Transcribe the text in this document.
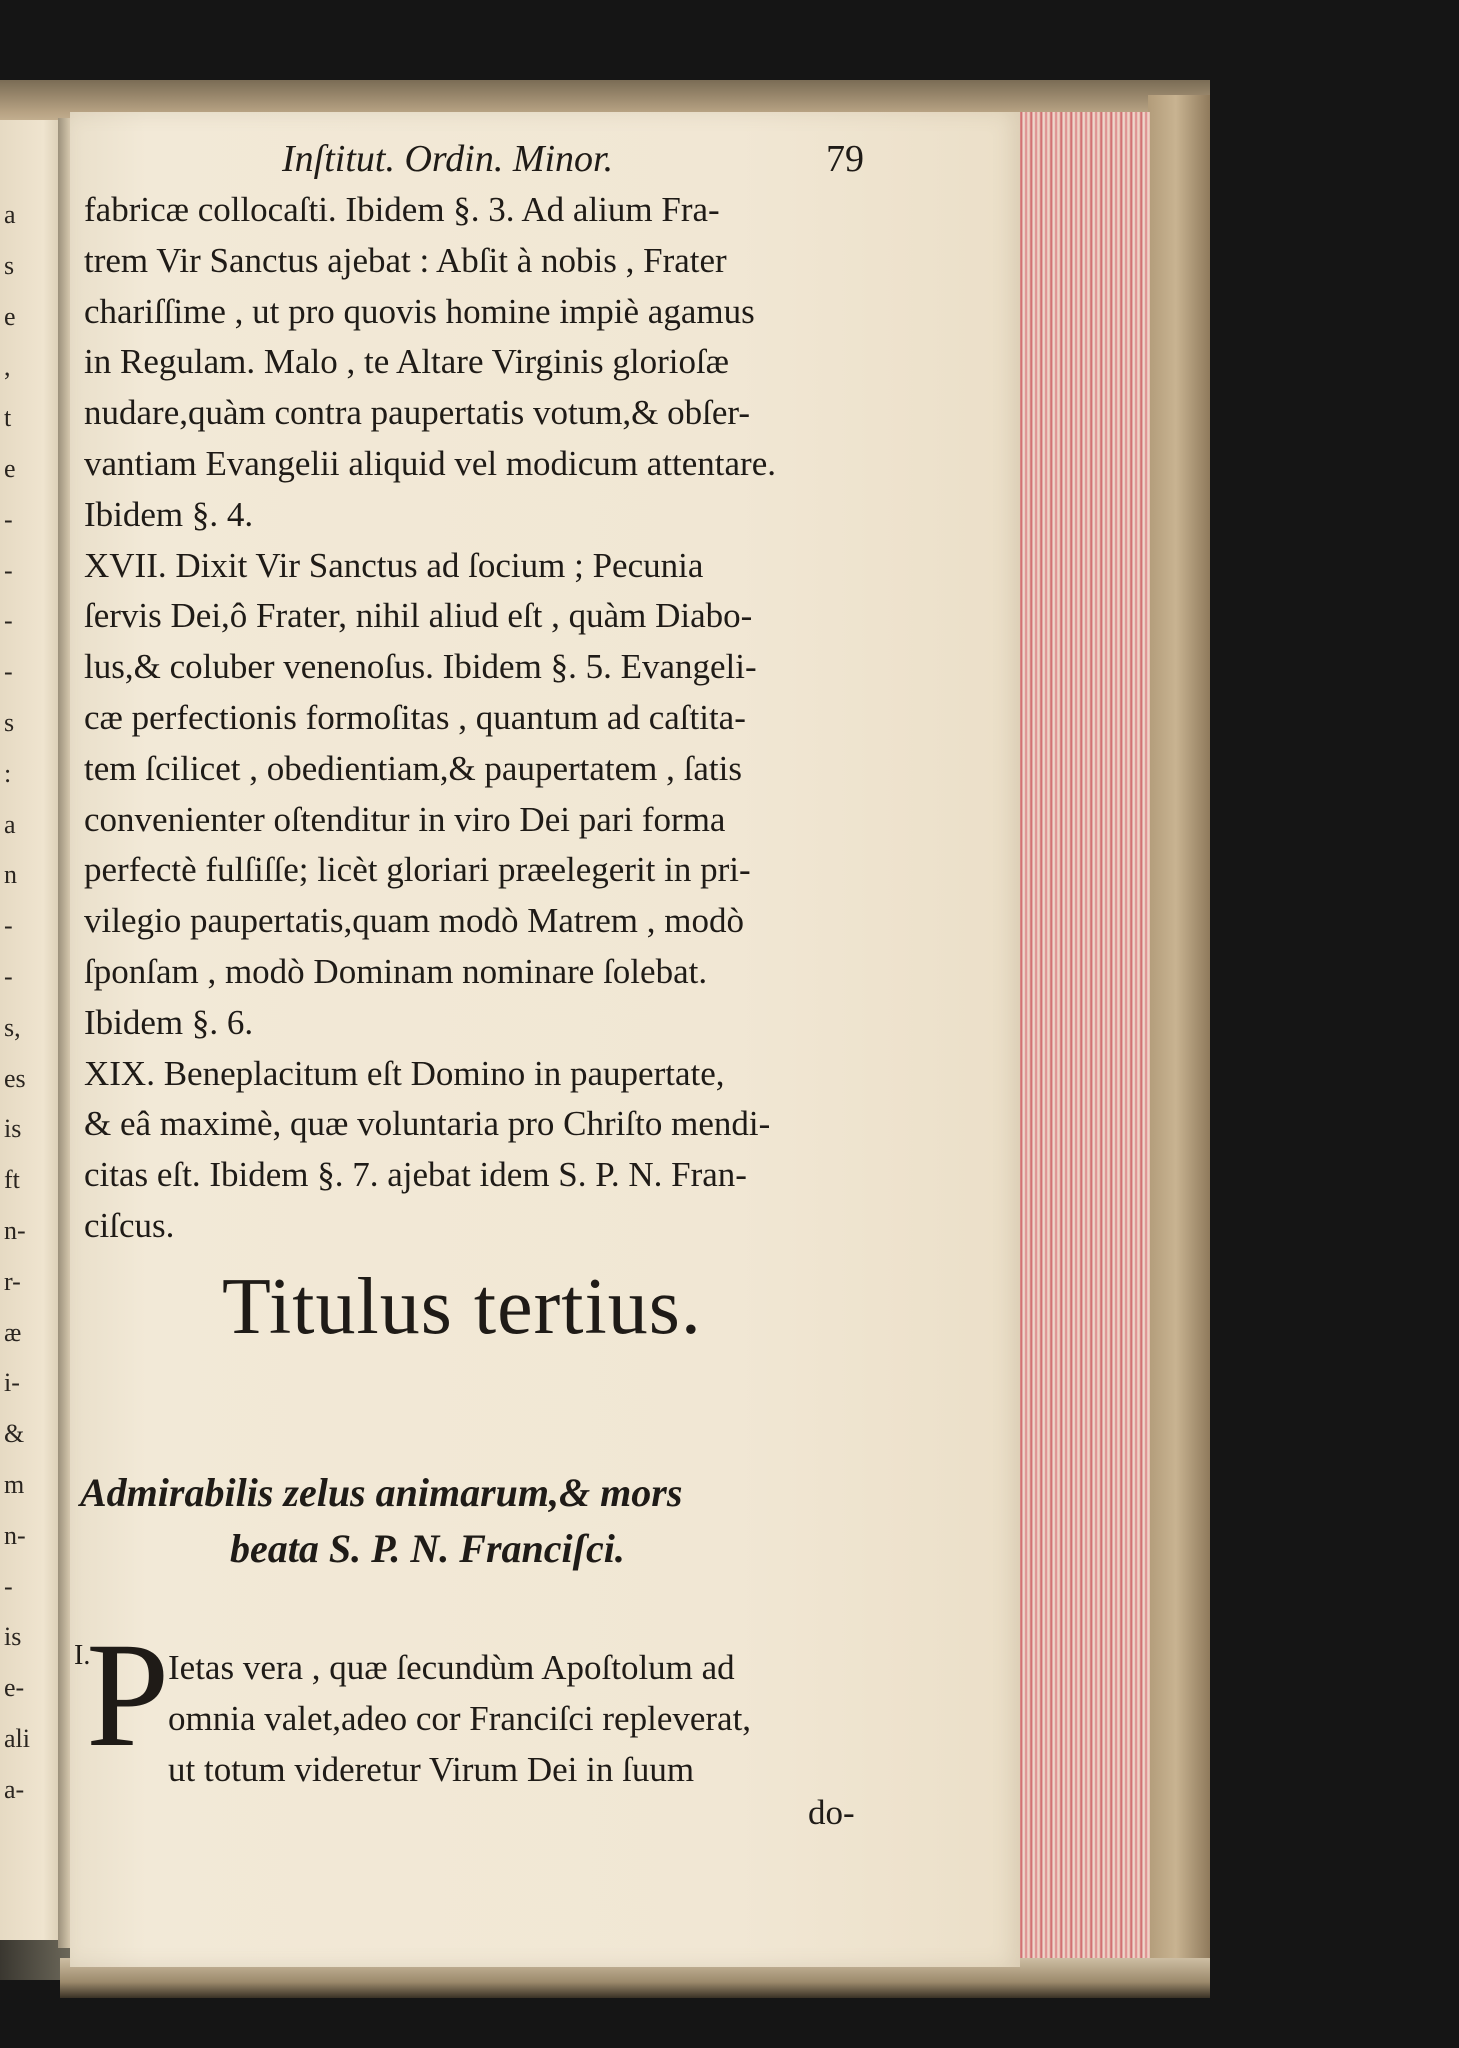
a
s
e
,
t
e
-
-
-
-
s
:
a
n
-
-
s,
es
is
ft
n-
r-
æ
i-
&
m
n-
-
is
e-
ali
a-
Inſtitut. Ordin. Minor.	79
fabricæ collocaſti. Ibidem §. 3. Ad alium Fra-
trem Vir Sanctus ajebat : Abſit à nobis , Frater
chariſſime , ut pro quovis homine impiè agamus
in Regulam. Malo , te Altare Virginis glorioſæ
nudare,quàm contra paupertatis votum,& obſer-
vantiam Evangelii aliquid vel modicum attentare.
Ibidem §. 4.
XVII. Dixit Vir Sanctus ad ſocium ; Pecunia
ſervis Dei,ô Frater, nihil aliud eſt , quàm Diabo-
lus,& coluber venenoſus. Ibidem §. 5. Evangeli-
cæ perfectionis formoſitas , quantum ad caſtita-
tem ſcilicet , obedientiam,& paupertatem , ſatis
convenienter oſtenditur in viro Dei pari forma
perfectè fulſiſſe; licèt gloriari præelegerit in pri-
vilegio paupertatis,quam modò Matrem , modò
ſponſam , modò Dominam nominare ſolebat.
Ibidem §. 6.
XIX. Beneplacitum eſt Domino in paupertate,
& eâ maximè, quæ voluntaria pro Chriſto mendi-
citas eſt. Ibidem §. 7. ajebat idem S. P. N. Fran-
ciſcus.
Titulus tertius.
Admirabilis zelus animarum,& mors
beata S. P. N. Franciſci.
I.
P
Ietas vera , quæ ſecundùm Apoſtolum ad
omnia valet,adeo cor Franciſci repleverat,
ut totum videretur Virum Dei in ſuum
do-
